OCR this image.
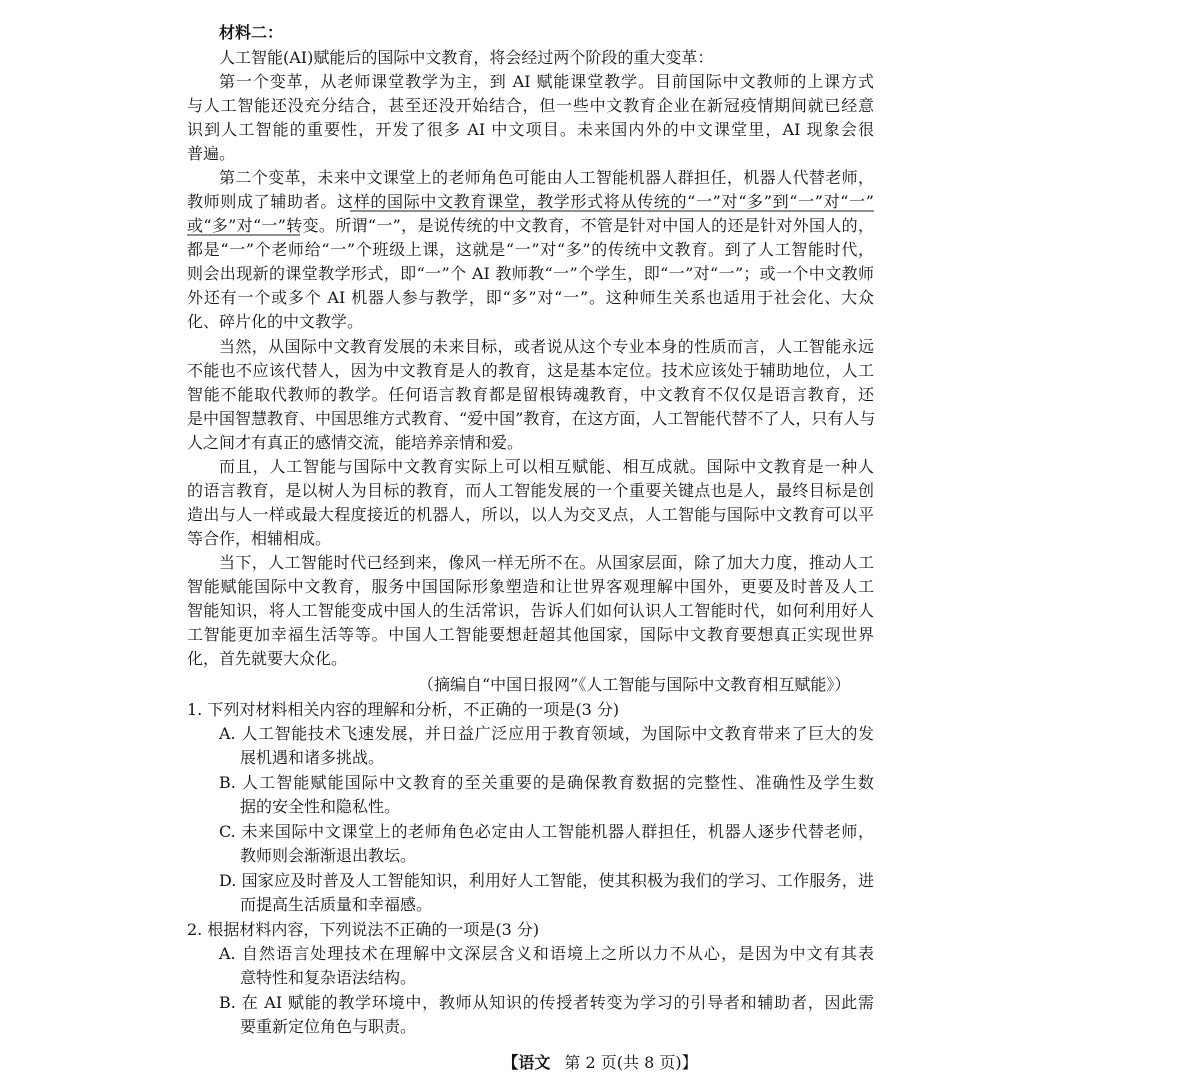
材料二：
人工智能(AI)赋能后的国际中文教育，将会经过两个阶段的重大变革：
第一个变革，从老师课堂教学为主，到 AI 赋能课堂教学。目前国际中文教师的上课方式
与人工智能还没充分结合，甚至还没开始结合，但一些中文教育企业在新冠疫情期间就已经意
识到人工智能的重要性，开发了很多 AI 中文项目。未来国内外的中文课堂里，AI 现象会很
普遍。
第二个变革，未来中文课堂上的老师角色可能由人工智能机器人群担任，机器人代替老师，
教师则成了辅助者。这样的国际中文教育课堂，教学形式将从传统的“一”对“多”到“一”对“一”
或“多”对“一”转变。所谓“一”，是说传统的中文教育，不管是针对中国人的还是针对外国人的，
都是“一”个老师给“一”个班级上课，这就是“一”对“多”的传统中文教育。到了人工智能时代，
则会出现新的课堂教学形式，即“一”个 AI 教师教“一”个学生，即“一”对“一”；或一个中文教师
外还有一个或多个 AI 机器人参与教学，即“多”对“一”。这种师生关系也适用于社会化、大众
化、碎片化的中文教学。
当然，从国际中文教育发展的未来目标，或者说从这个专业本身的性质而言，人工智能永远
不能也不应该代替人，因为中文教育是人的教育，这是基本定位。技术应该处于辅助地位，人工
智能不能取代教师的教学。任何语言教育都是留根铸魂教育，中文教育不仅仅是语言教育，还
是中国智慧教育、中国思维方式教育、“爱中国”教育，在这方面，人工智能代替不了人，只有人与
人之间才有真正的感情交流，能培养亲情和爱。
而且，人工智能与国际中文教育实际上可以相互赋能、相互成就。国际中文教育是一种人
的语言教育，是以树人为目标的教育，而人工智能发展的一个重要关键点也是人，最终目标是创
造出与人一样或最大程度接近的机器人，所以，以人为交叉点，人工智能与国际中文教育可以平
等合作，相辅相成。
当下，人工智能时代已经到来，像风一样无所不在。从国家层面，除了加大力度，推动人工
智能赋能国际中文教育，服务中国国际形象塑造和让世界客观理解中国外，更要及时普及人工
智能知识，将人工智能变成中国人的生活常识，告诉人们如何认识人工智能时代，如何利用好人
工智能更加幸福生活等等。中国人工智能要想赶超其他国家，国际中文教育要想真正实现世界
化，首先就要大众化。
（摘编自“中国日报网”《人工智能与国际中文教育相互赋能》）
1. 下列对材料相关内容的理解和分析，不正确的一项是(3 分)
A. 人工智能技术飞速发展，并日益广泛应用于教育领域，为国际中文教育带来了巨大的发
展机遇和诸多挑战。
B. 人工智能赋能国际中文教育的至关重要的是确保教育数据的完整性、准确性及学生数
据的安全性和隐私性。
C. 未来国际中文课堂上的老师角色必定由人工智能机器人群担任，机器人逐步代替老师，
教师则会渐渐退出教坛。
D. 国家应及时普及人工智能知识，利用好人工智能，使其积极为我们的学习、工作服务，进
而提高生活质量和幸福感。
2. 根据材料内容，下列说法不正确的一项是(3 分)
A. 自然语言处理技术在理解中文深层含义和语境上之所以力不从心，是因为中文有其表
意特性和复杂语法结构。
B. 在 AI 赋能的教学环境中，教师从知识的传授者转变为学习的引导者和辅助者，因此需
要重新定位角色与职责。
【语文 第 2 页(共 8 页)】
